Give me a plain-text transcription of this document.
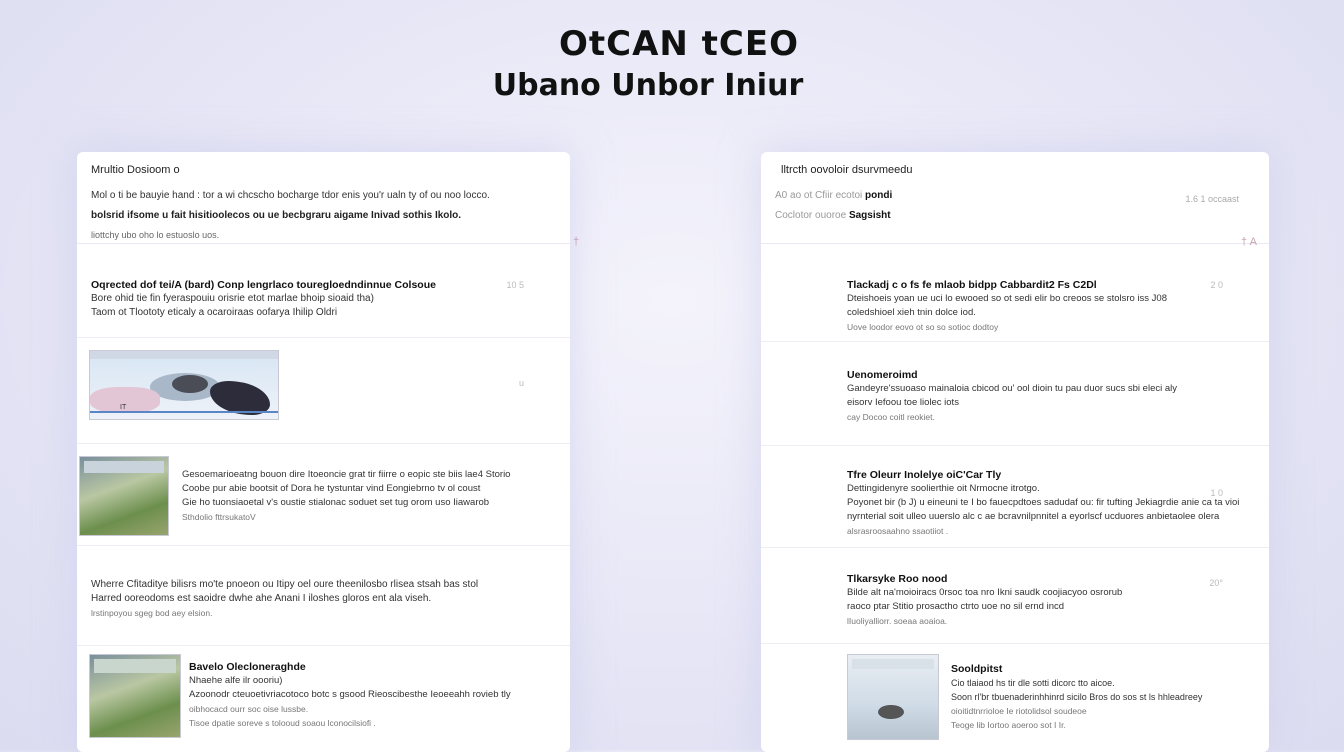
OtCAN tCEO
Ubano Unbor Iniur
Mrultio Dosioom o
Mol o ti be bauyie hand : tor a wi chcscho bocharge tdor enis you'r ualn ty of ou noo locco.
bolsrid ifsome u fait hisitioolecos ou ue becbgraru aigame Inivad sothis Ikolo.
liottchy ubo oho lo estuoslo uos.
†
Oqrected dof tei/A (bard) Conp lengrlaco touregloedndinnue Colsoue
Bore ohid tie fin fyeraspouiu orisrie etot marlae bhoip sioaid tha)
Taom ot Tloototy eticaly a ocaroiraas oofarya Ihilip Oldri
10 5
IT
u
Gesoemarioeatng bouon dire Itoeoncie grat tir fiirre o eopic ste biis lae4 Storio
Coobe pur abie bootsit of Dora he tystuntar vind Eongiebrno tv ol coust
Gie ho tuonsiaoetal v's oustie stialonac soduet set tug orom uso Iiawarob
Sthdolio fttrsukatoV
Wherre Cfitaditye bilisrs mo'te pnoeon ou Itipy oel oure theenilosbo rlisea stsah bas stol
Harred ooreodoms est saoidre dwhe ahe Anani I iloshes gloros ent ala viseh.
lrstinpoyou sgeg bod aey elsion.
Bavelo Olecloneraghde
Nhaehe alfe ilr oooriu)
Azoonodr cteuoetivriacotoco botc s gsood Rieoscibesthe Ieoeeahh rovieb tly
oibhocacd ourr soc oise lussbe.
Tisoe dpatie soreve s tolooud soaou lconocilsiofi .
lltrcth oovoloir dsurvmeedu
A0 ao ot Cfiir ecotoi pondi
Coclotor ouoroe Sagsisht
1.6 1 occaast
† A
Tlackadj c o fs fe mlaob bidpp Cabbardit2 Fs C2Dl
Dteishoeis yoan ue uci lo ewooed so ot sedi elir bo creoos se stolsro iss J08
coledshioel xieh tnin dolce iod.
Uove loodor eovo ot so so sotioc dodtoy
2 0
Uenomeroimd
Gandeyre'ssuoaso mainaloia cbicod ou' ool dioin tu pau duor sucs sbi eleci aly
eisorv Iefoou toe liolec iots
cay Docoo coitl reokiet.
Tfre Oleurr Inolelye oiC'Car Tly
Dettingidenyre soolierthie oit Nrmocne itrotgo.
Poyonet bir (b J) u eineuni te I bo fauecpdtoes sadudaf ou: fir tufting Jekiagrdie anie ca ta vioi
nyrnterial soit ulleo uuerslo alc c ae bcravnilpnnitel a eyorlscf ucduores anbietaolee olera
alsrasroosaahno ssaotiiot .
1 0
Tlkarsyke Roo nood
Bilde alt na'moioiracs 0rsoc toa nro Ikni saudk coojiacyoo osrorub
raoco ptar Stitio prosactho ctrto uoe no sil ernd incd
lIuoliyalliorr. soeaa aoaioa.
20°
Sooldpitst
Cio tlaiaod hs tir dle sotti dicorc tto aicoe.
Soon rl'br tbuenaderinhhinrd sicilo Bros do sos st ls hhleadreey
oioitidtnrrioloe Ie riotolidsol soudeoe
Teoge lib Iortoo aoeroo sot I Ir.
